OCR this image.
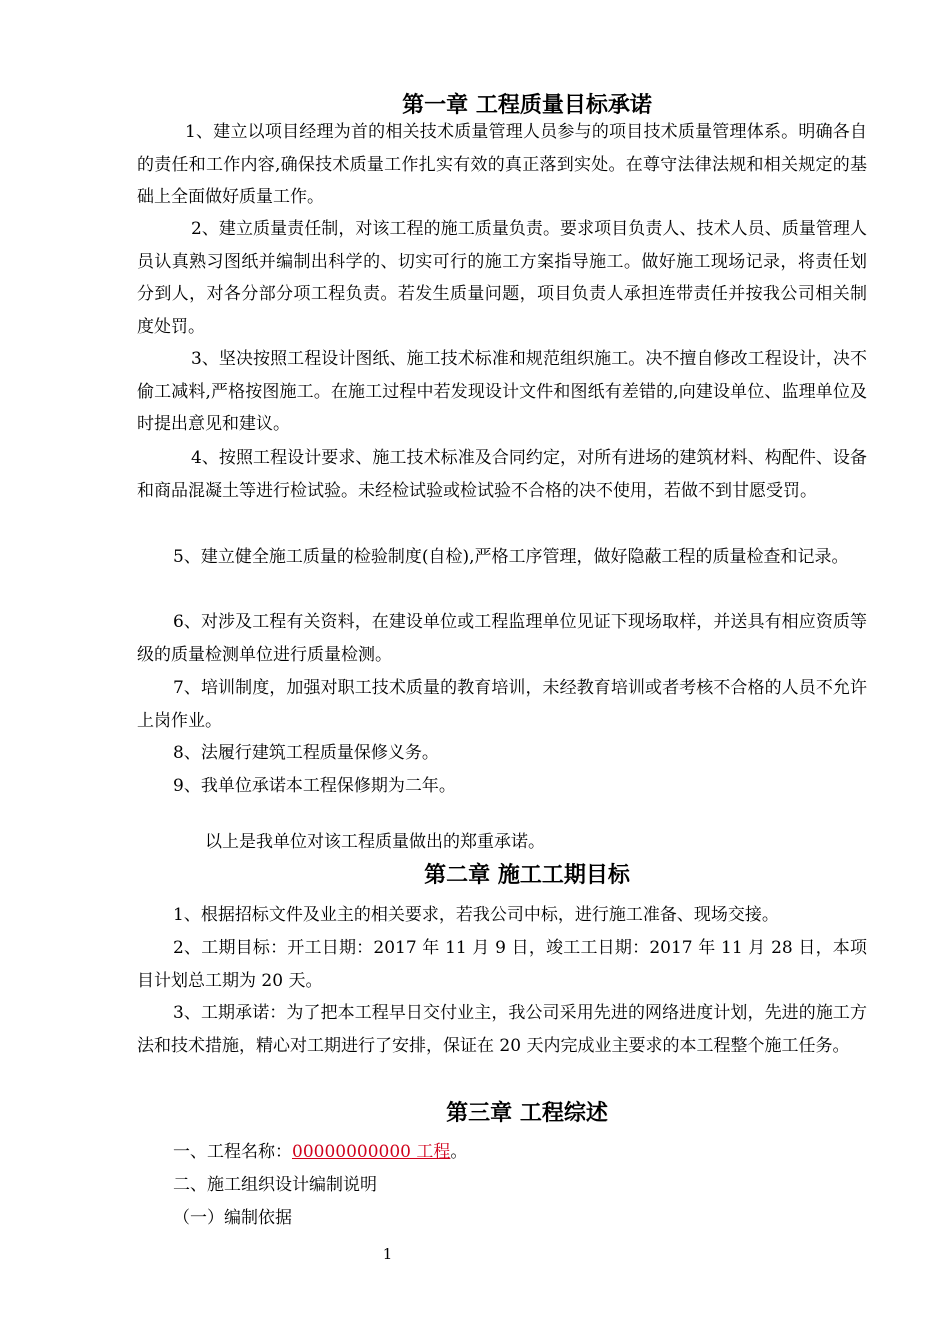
第一章 工程质量目标承诺
1、建立以项目经理为首的相关技术质量管理人员参与的项目技术质量管理体系。明确各自的责任和工作内容,确保技术质量工作扎实有效的真正落到实处。在尊守法律法规和相关规定的基础上全面做好质量工作。
2、建立质量责任制，对该工程的施工质量负责。要求项目负责人、技术人员、质量管理人员认真熟习图纸并编制出科学的、切实可行的施工方案指导施工。做好施工现场记录，将责任划分到人，对各分部分项工程负责。若发生质量问题，项目负责人承担连带责任并按我公司相关制度处罚。
3、坚决按照工程设计图纸、施工技术标准和规范组织施工。决不擅自修改工程设计，决不偷工减料,严格按图施工。在施工过程中若发现设计文件和图纸有差错的,向建设单位、监理单位及时提出意见和建议。
4、按照工程设计要求、施工技术标准及合同约定，对所有进场的建筑材料、构配件、设备和商品混凝土等进行检试验。未经检试验或检试验不合格的决不使用，若做不到甘愿受罚。
5、建立健全施工质量的检验制度(自检),严格工序管理，做好隐蔽工程的质量检查和记录。
6、对涉及工程有关资料，在建设单位或工程监理单位见证下现场取样，并送具有相应资质等级的质量检测单位进行质量检测。
7、培训制度，加强对职工技术质量的教育培训，未经教育培训或者考核不合格的人员不允许上岗作业。
8、法履行建筑工程质量保修义务。
9、我单位承诺本工程保修期为二年。
以上是我单位对该工程质量做出的郑重承诺。
第二章 施工工期目标
1、根据招标文件及业主的相关要求，若我公司中标，进行施工准备、现场交接。
2、工期目标：开工日期：2017 年 11 月 9 日，竣工工日期：2017 年 11 月 28 日，本项目计划总工期为 20 天。
3、工期承诺：为了把本工程早日交付业主，我公司采用先进的网络进度计划，先进的施工方法和技术措施，精心对工期进行了安排，保证在 20 天内完成业主要求的本工程整个施工任务。
第三章 工程综述
一、工程名称：00000000000 工程。
二、施工组织设计编制说明
（一）编制依据
1
